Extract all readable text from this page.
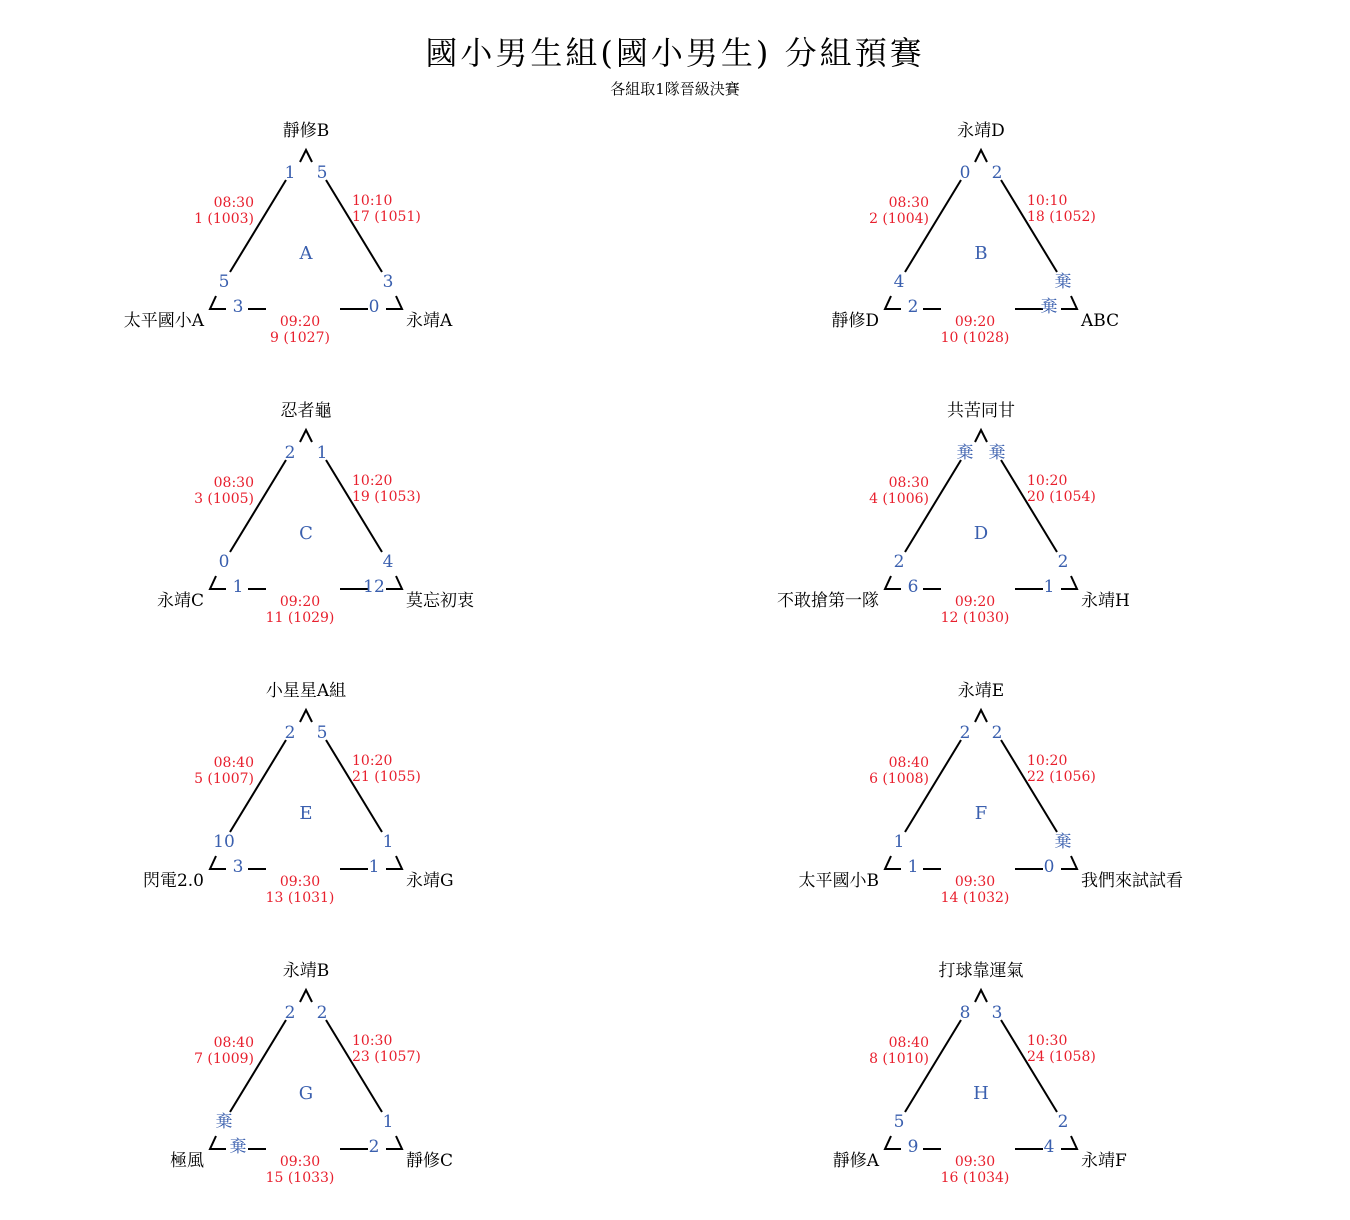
國小男生組(國小男生) 分組預賽
各組取1隊晉級決賽
靜修B
太平國小A	永靖A
A
1
5
5
3
3	0
08:30
1 (1003)
10:10
17 (1051)
09:20
9 (1027)
永靖D
靜修D	ABC
B
0
4
2
棄
2	棄
08:30
2 (1004)
10:10
18 (1052)
09:20
10 (1028)
忍者龜
永靖C	莫忘初衷
C
2
0
1
4
1	12
08:30
3 (1005)
10:20
19 (1053)
09:20
11 (1029)
共苦同甘
不敢搶第一隊	永靖H
D
棄
2
棄
2
6	1
08:30
4 (1006)
10:20
20 (1054)
09:20
12 (1030)
小星星A組
閃電2.0	永靖G
E
2
10
5
1
3	1
08:40
5 (1007)
10:20
21 (1055)
09:30
13 (1031)
永靖E
太平國小B	我們來試試看
F
2
1
2
棄
1	0
08:40
6 (1008)
10:20
22 (1056)
09:30
14 (1032)
永靖B
極風	靜修C
G
2
棄
2
1
棄	2
08:40
7 (1009)
10:30
23 (1057)
09:30
15 (1033)
打球靠運氣
靜修A	永靖F
H
8
5
3
2
9	4
08:40
8 (1010)
10:30
24 (1058)
09:30
16 (1034)
